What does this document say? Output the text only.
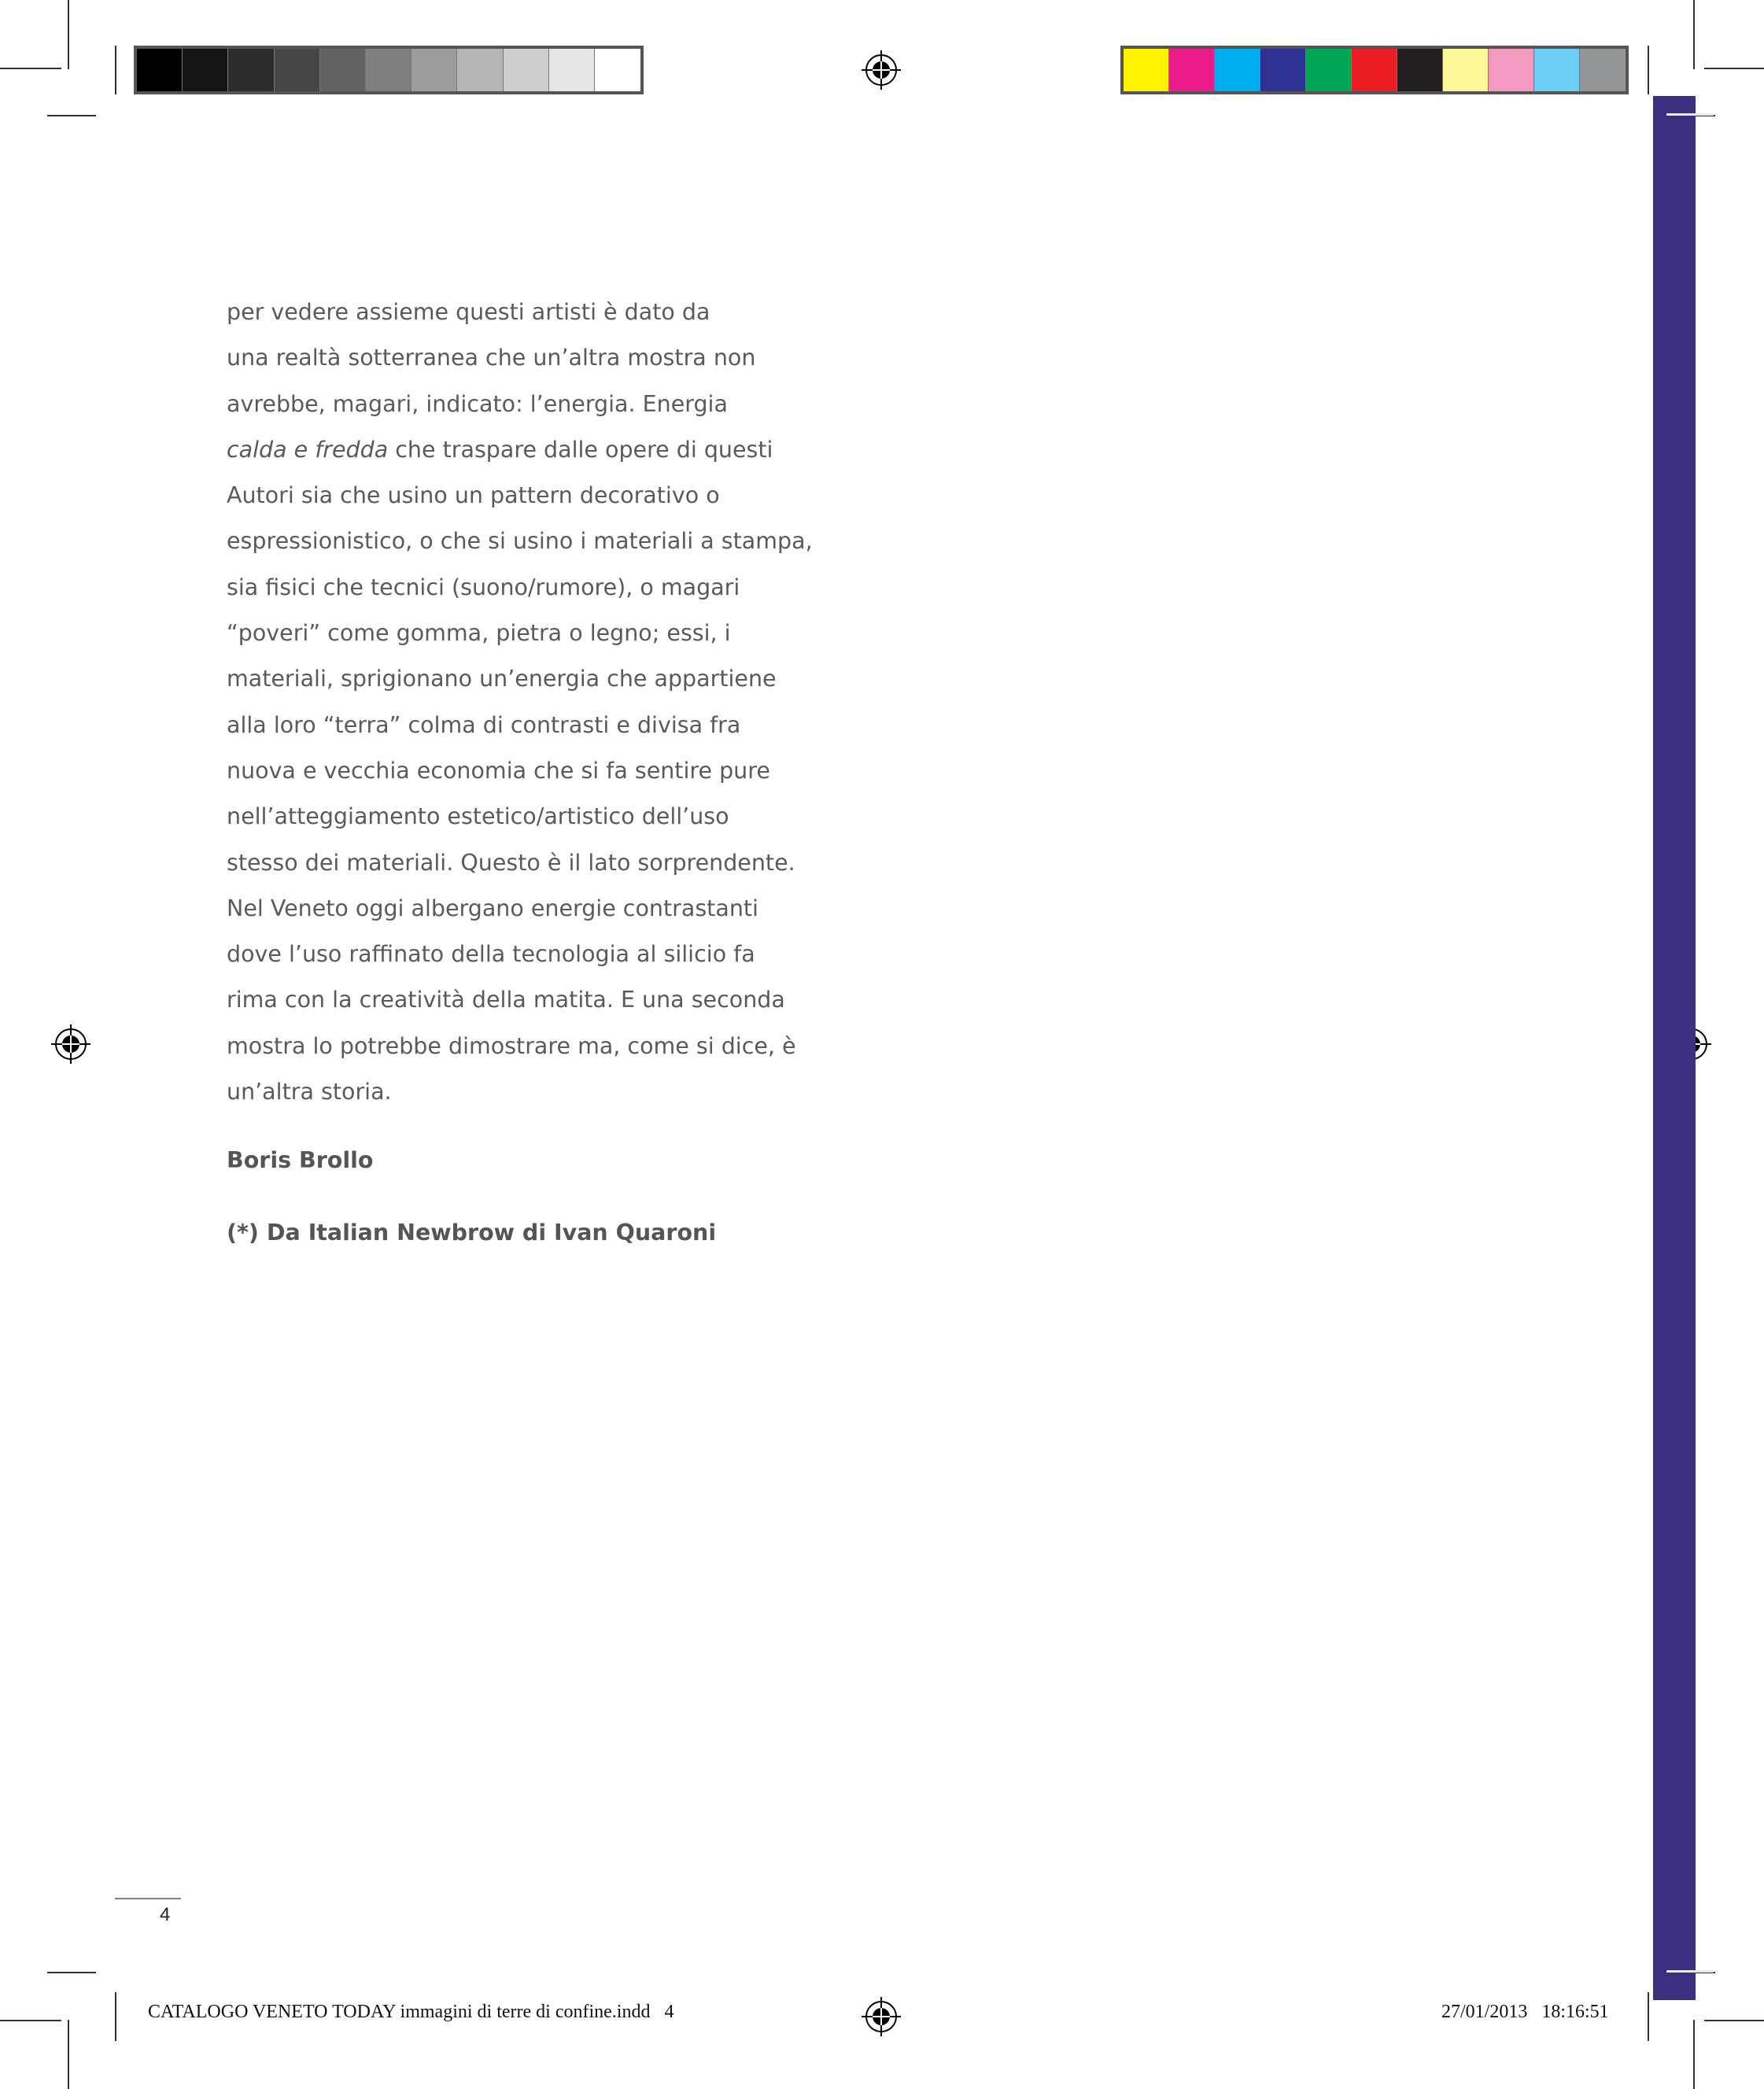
per vedere assieme questi artisti è dato da
una realtà sotterranea che un’altra mostra non
avrebbe, magari, indicato: l’energia. Energia
calda e fredda che traspare dalle opere di questi
Autori sia che usino un pattern decorativo o
espressionistico, o che si usino i materiali a stampa,
sia fisici che tecnici (suono/rumore), o magari
“poveri” come gomma, pietra o legno; essi, i
materiali, sprigionano un’energia che appartiene
alla loro “terra” colma di contrasti e divisa fra
nuova e vecchia economia che si fa sentire pure
nell’atteggiamento estetico/artistico dell’uso
stesso dei materiali. Questo è il lato sorprendente.
Nel Veneto oggi albergano energie contrastanti
dove l’uso raffinato della tecnologia al silicio fa
rima con la creatività della matita. E una seconda
mostra lo potrebbe dimostrare ma, come si dice, è
un’altra storia.
Boris Brollo
(*) Da Italian Newbrow di Ivan Quaroni
4
CATALOGO VENETO TODAY immagini di terre di confine.indd   4	27/01/2013   18:16:51
